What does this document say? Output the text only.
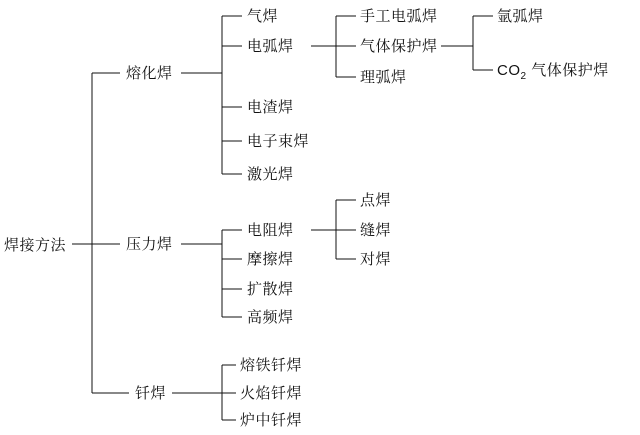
焊接方法
熔化焊
压力焊
钎焊
气焊
电弧焊
电渣焊
电子束焊
激光焊
电阻焊
摩擦焊
扩散焊
高频焊
熔铁钎焊
火焰钎焊
炉中钎焊
手工电弧焊
气体保护焊
理弧焊
点焊
缝焊
对焊
氩弧焊
$CO_2$ 气体保护焊
